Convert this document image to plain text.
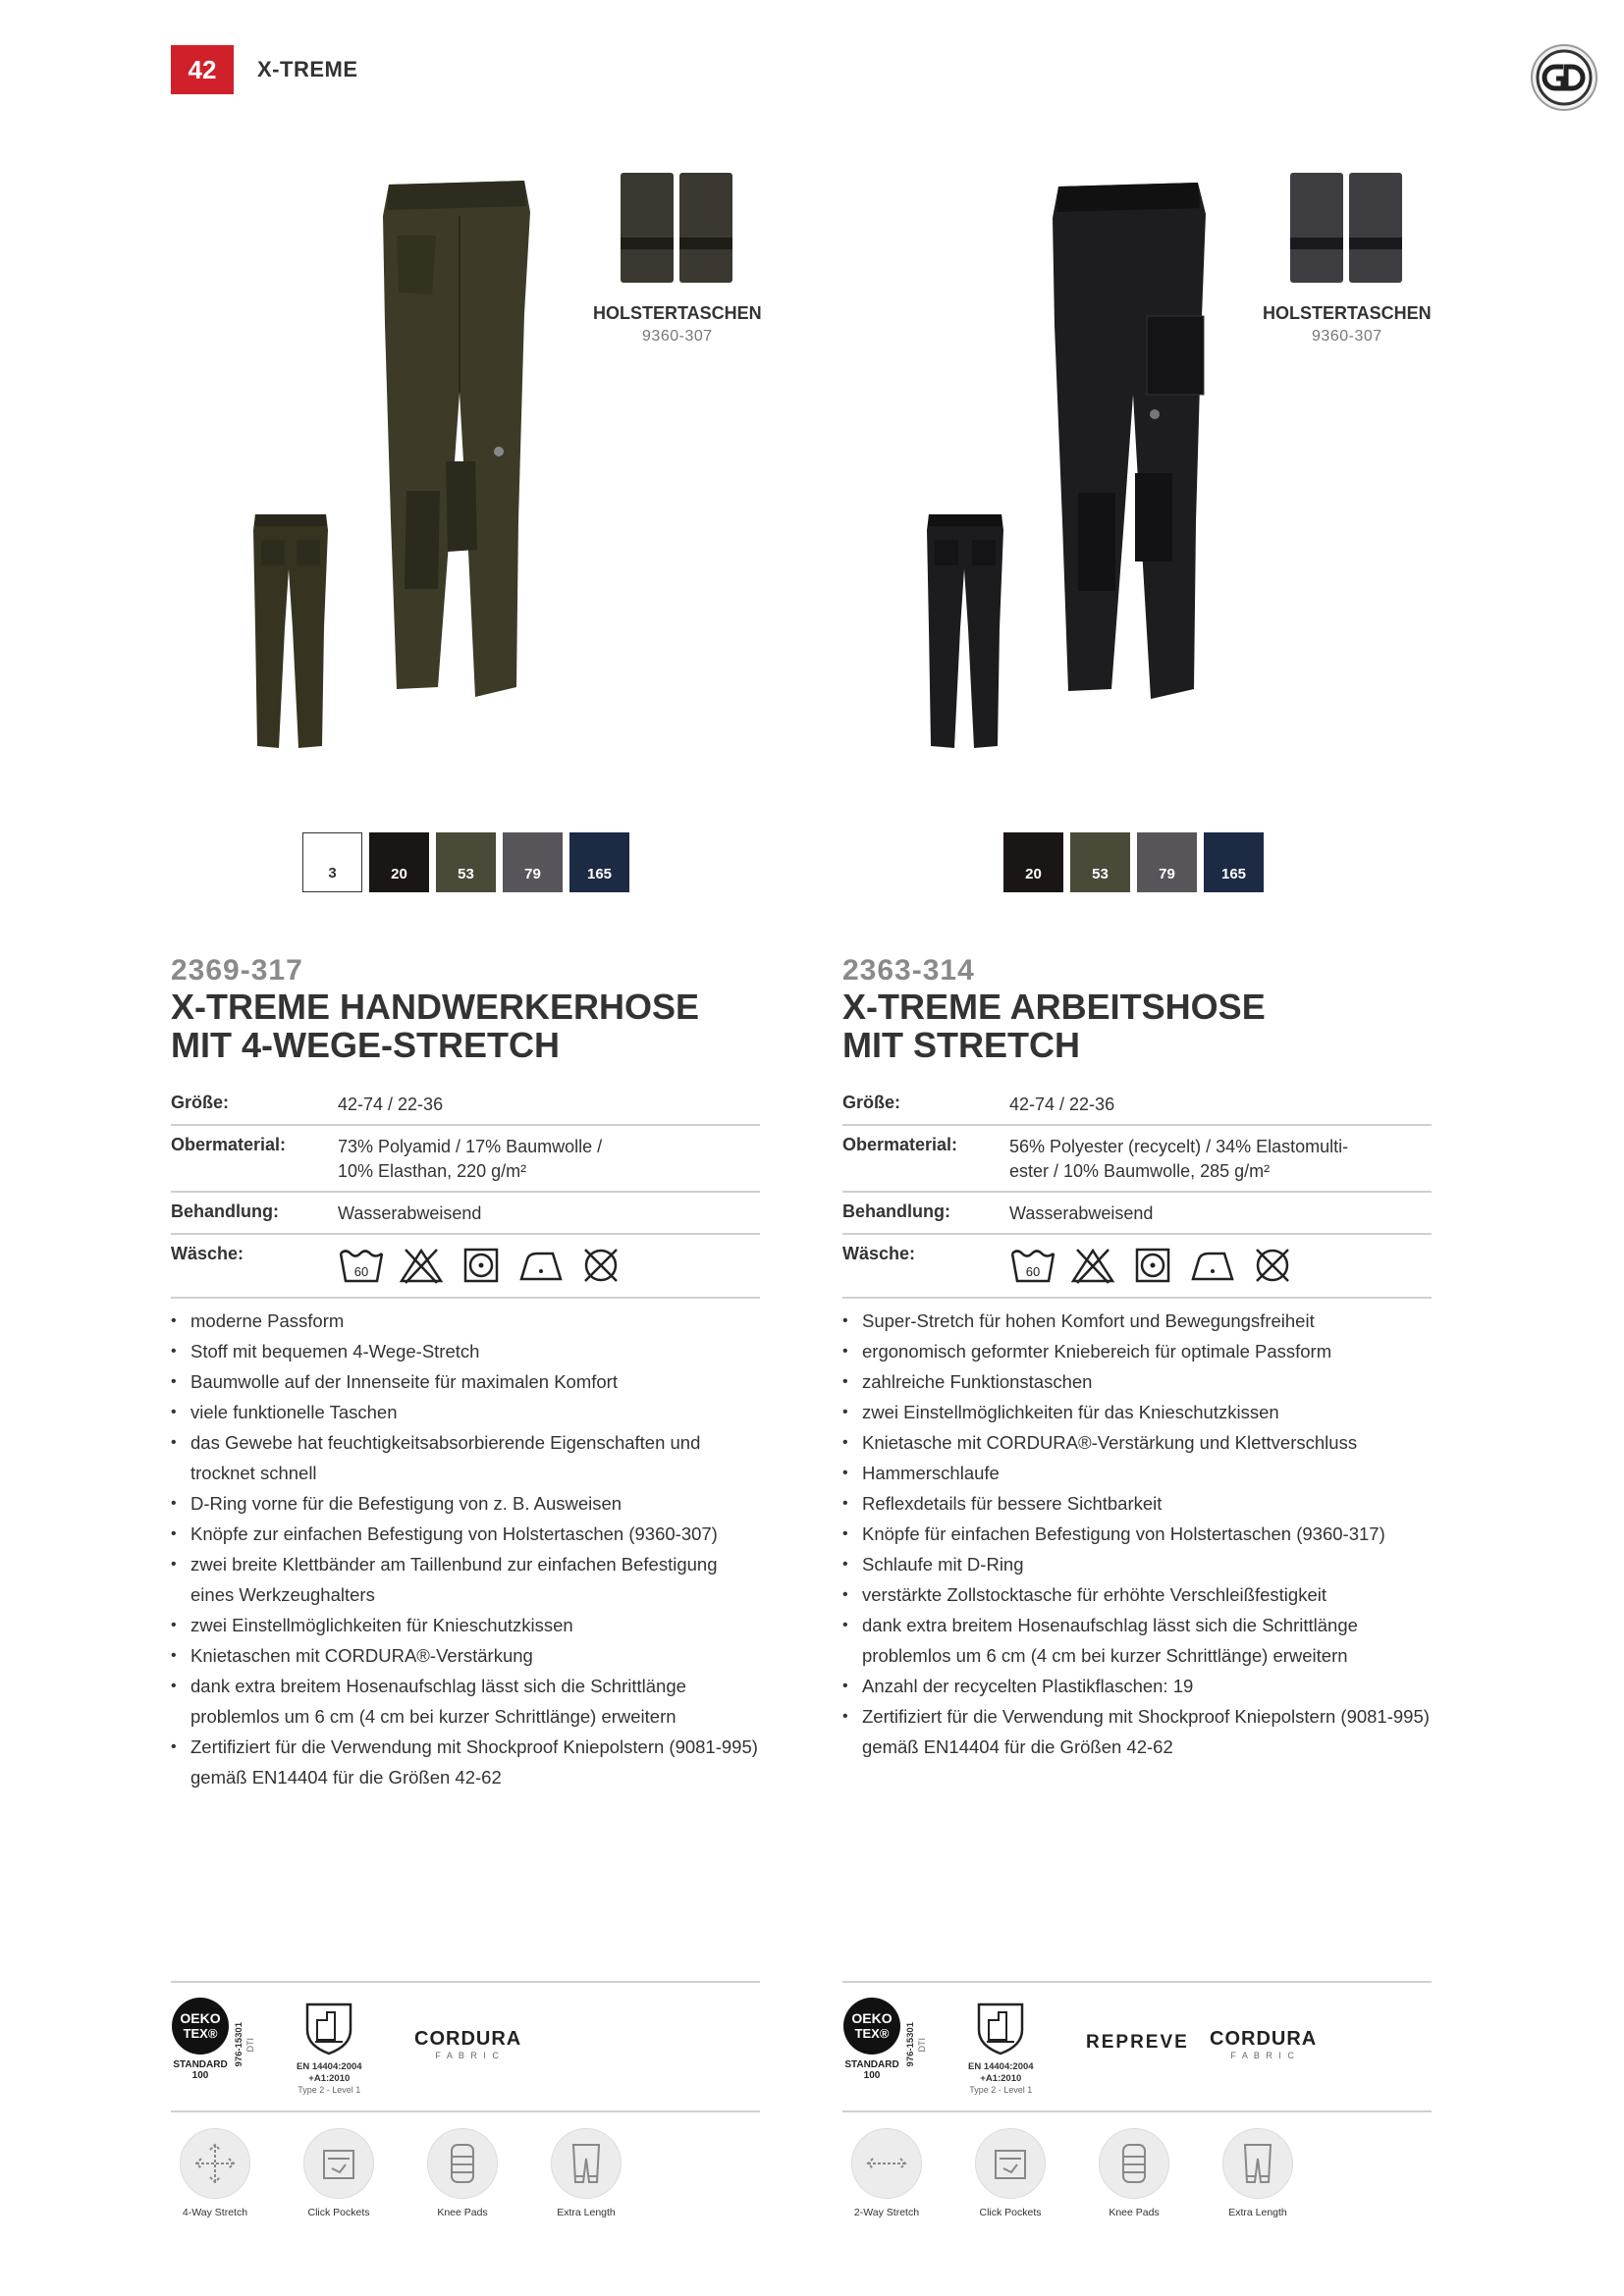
42	X-TREME
HOLSTERTASCHEN
9360-307
3	20	53	79	165
2369-317
X-TREME HANDWERKERHOSE
MIT 4-WEGE-STRETCH
Größe:	42-74 / 22-36
Obermaterial:	73% Polyamid / 17% Baumwolle /
10% Elasthan, 220 g/m²
Behandlung:	Wasserabweisend
Wäsche:
60
• moderne Passform
• Stoff mit bequemen 4-Wege-Stretch
• Baumwolle auf der Innenseite für maximalen Komfort
• viele funktionelle Taschen
• das Gewebe hat feuchtigkeitsabsorbierende Eigenschaften und trocknet schnell
• D-Ring vorne für die Befestigung von z. B. Ausweisen
• Knöpfe zur einfachen Befestigung von Holstertaschen (9360-307)
• zwei breite Klettbänder am Taillenbund zur einfachen Befestigung eines Werkzeughalters
• zwei Einstellmöglichkeiten für Knieschutzkissen
• Knietaschen mit CORDURA®-Verstärkung
• dank extra breitem Hosenaufschlag lässt sich die Schrittlänge problemlos um 6 cm (4 cm bei kurzer Schrittlänge) erweitern
• Zertifiziert für die Verwendung mit Shockproof Kniepolstern (9081-995) gemäß EN14404 für die Größen 42-62
OEKO
TEX®
STANDARD
100
976-15301 DTI
EN 14404:2004
+A1:2010
Type 2 - Level 1
CORDURA
F A B R I C
4-Way Stretch	Click Pockets	Knee Pads	Extra Length
HOLSTERTASCHEN
9360-307
20	53	79	165
2363-314
X-TREME ARBEITSHOSE
MIT STRETCH
Größe:	42-74 / 22-36
Obermaterial:	56% Polyester (recycelt) / 34% Elastomulti-
ester / 10% Baumwolle, 285 g/m²
Behandlung:	Wasserabweisend
Wäsche:
60
• Super-Stretch für hohen Komfort und Bewegungsfreiheit
• ergonomisch geformter Kniebereich für optimale Passform
• zahlreiche Funktionstaschen
• zwei Einstellmöglichkeiten für das Knieschutzkissen
• Knietasche mit CORDURA®-Verstärkung und Klettverschluss
• Hammerschlaufe
• Reflexdetails für bessere Sichtbarkeit
• Knöpfe für einfachen Befestigung von Holstertaschen (9360-317)
• Schlaufe mit D-Ring
• verstärkte Zollstocktasche für erhöhte Verschleißfestigkeit
• dank extra breitem Hosenaufschlag lässt sich die Schrittlänge problemlos um 6 cm (4 cm bei kurzer Schrittlänge) erweitern
• Anzahl der recycelten Plastikflaschen: 19
• Zertifiziert für die Verwendung mit Shockproof Kniepolstern (9081-995) gemäß EN14404 für die Größen 42-62
OEKO
TEX®
STANDARD
100
976-15301 DTI
EN 14404:2004
+A1:2010
Type 2 - Level 1
REPREVE CORDURA
F A B R I C
2-Way Stretch	Click Pockets	Knee Pads	Extra Length
